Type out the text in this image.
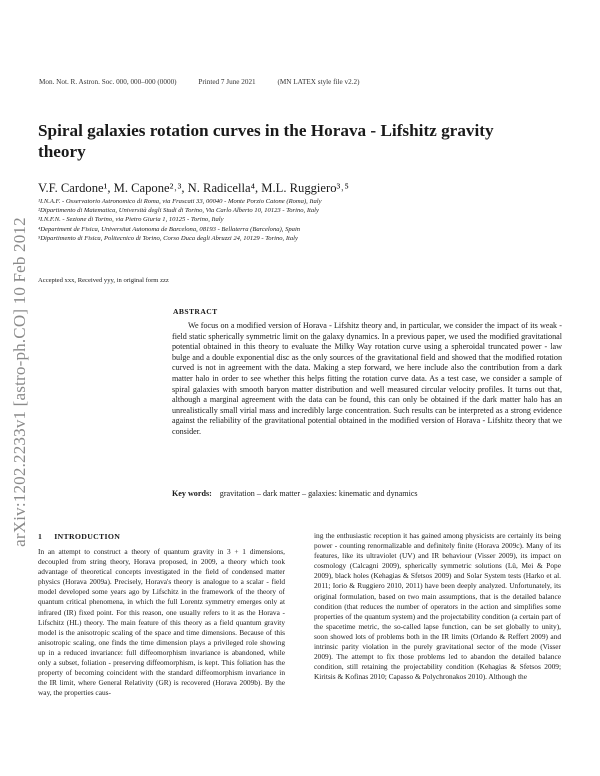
arXiv:1202.2233v1 [astro-ph.CO] 10 Feb 2012
Mon. Not. R. Astron. Soc. 000, 000–000 (0000)	Printed 7 June 2021	(MN LATEX style file v2.2)
Spiral galaxies rotation curves in the Horava - Lifshitz gravity theory
V.F. Cardone¹, M. Capone²˒³, N. Radicella⁴, M.L. Ruggiero³˒⁵
¹I.N.A.F. - Osservatorio Astronomico di Roma, via Frascati 33, 00040 - Monte Porzio Catone (Roma), Italy
²Dipartimento di Matematica, Università degli Studi di Torino, Via Carlo Alberto 10, 10123 - Torino, Italy
³I.N.F.N. - Sezione di Torino, via Pietro Giuria 1, 10125 - Torino, Italy
⁴Department de Fisica, Universitat Autonoma de Barcelona, 08193 - Bellaterra (Barcelona), Spain
⁵Dipartimento di Fisica, Politecnico di Torino, Corso Duca degli Abruzzi 24, 10129 - Torino, Italy
Accepted xxx, Received yyy, in original form zzz
ABSTRACT
We focus on a modified version of Horava - Lifshitz theory and, in particular, we consider the impact of its weak - field static spherically symmetric limit on the galaxy dynamics. In a previous paper, we used the modified gravitational potential obtained in this theory to evaluate the Milky Way rotation curve using a spheroidal truncated power - law bulge and a double exponential disc as the only sources of the gravitational field and showed that the modified rotation curved is not in agreement with the data. Making a step forward, we here include also the contribution from a dark matter halo in order to see whether this helps fitting the rotation curve data. As a test case, we consider a sample of spiral galaxies with smooth baryon matter distribution and well measured circular velocity profiles. It turns out that, although a marginal agreement with the data can be found, this can only be obtained if the dark matter halo has an unrealistically small virial mass and incredibly large concentration. Such results can be interpreted as a strong evidence against the reliability of the gravitational potential obtained in the modified version of Horava - Lifshitz theory that we consider.
Key words: gravitation – dark matter – galaxies: kinematic and dynamics
1 INTRODUCTION
In an attempt to construct a theory of quantum gravity in 3 + 1 dimensions, decoupled from string theory, Horava proposed, in 2009, a theory which took advantage of theoretical concepts investigated in the field of condensed matter physics (Horava 2009a). Precisely, Horava's theory is analogue to a scalar - field model developed some years ago by Lifschitz in the framework of the theory of quantum critical phenomena, in which the full Lorentz symmetry emerges only at infrared (IR) fixed point. For this reason, one usually refers to it as the Horava - Lifschitz (HL) theory. The main feature of this theory as a field quantum gravity model is the anisotropic scaling of the space and time dimensions. Because of this anisotropic scaling, one finds the time dimension plays a privileged role showing up in a reduced invariance: full diffeomorphism invariance is abandoned, while only a subset, foliation - preserving diffeomorphism, is kept. This foliation has the property of becoming coincident with the standard diffeomorphism invariance in the IR limit, where General Relativity (GR) is recovered (Horava 2009b). By the way, the properties caus-
ing the enthusiastic reception it has gained among physicists are certainly its being power - counting renormalizable and definitely finite (Horava 2009c). Many of its features, like its ultraviolet (UV) and IR behaviour (Visser 2009), its impact on cosmology (Calcagni 2009), spherically symmetric solutions (Lü, Mei & Pope 2009), black holes (Kehagias & Sfetsos 2009) and Solar System tests (Harko et al. 2011; Iorio & Ruggiero 2010, 2011) have been deeply analyzed. Unfortunately, its original formulation, based on two main assumptions, that is the detailed balance condition (that reduces the number of operators in the action and simplifies some properties of the quantum system) and the projectability condition (a certain part of the spacetime metric, the so-called lapse function, can be set globally to unity), soon showed lots of problems both in the IR limits (Orlando & Reffert 2009) and intrinsic parity violation in the purely gravitational sector of the mode (Visser 2009). The attempt to fix those problems led to abandon the detailed balance condition, still retaining the projectability condition (Kehagias & Sfetsos 2009; Kiritsis & Kofinas 2010; Capasso & Polychronakos 2010). Although the
